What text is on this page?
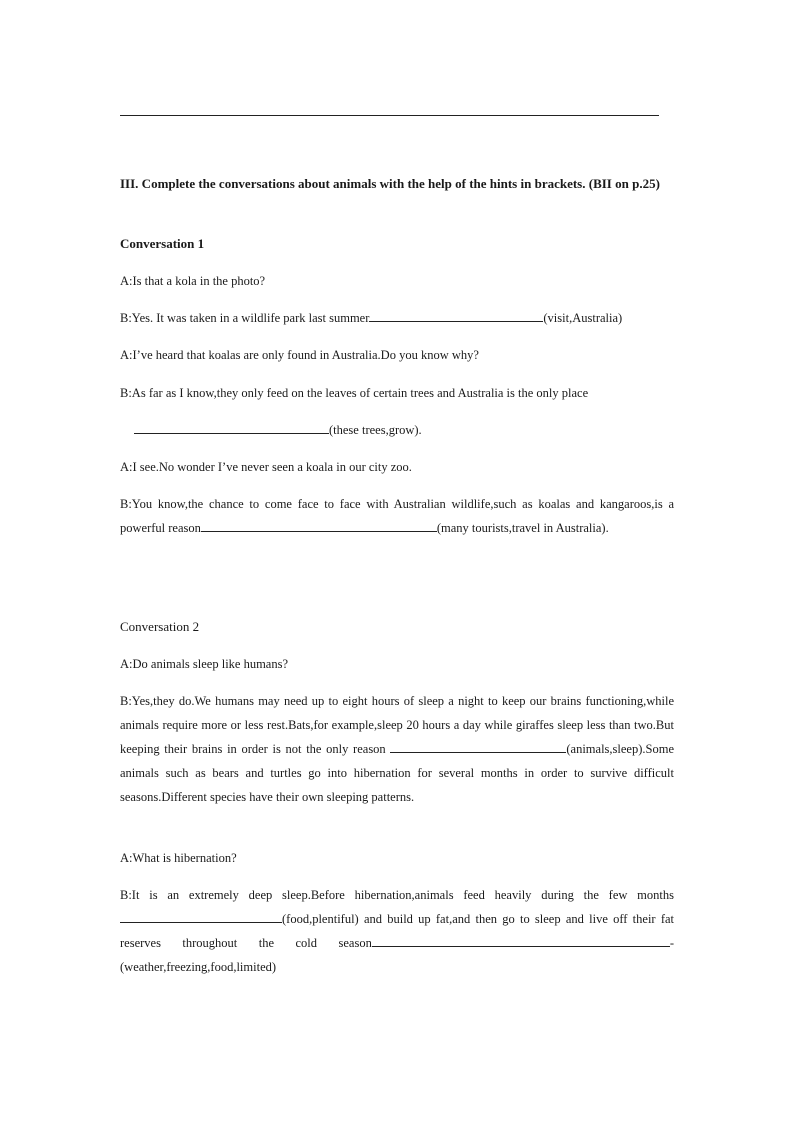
III. Complete the conversations about animals with the help of the hints in brackets. (BII on p.25)
Conversation 1
A:Is that a kola in the photo?
B:Yes. It was taken in a wildlife park last summer	(visit,Australia)
A:I’ve heard that koalas are only found in Australia.Do you know why?
B:As far as I know,they only feed on the leaves of certain trees and Australia is the only place
(these trees,grow).
A:I see.No wonder I’ve never seen a koala in our city zoo.
B:You know,the chance to come face to face with Australian wildlife,such as koalas and kangaroos,is a powerful reason	(many tourists,travel in Australia).
Conversation 2
A:Do animals sleep like humans?
B:Yes,they do.We humans may need up to eight hours of sleep a night to keep our brains functioning,while animals require more or less rest.Bats,for example,sleep 20 hours a day while giraffes sleep less than two.But keeping their brains in order is not the only reason	(animals,sleep).Some animals such as bears and turtles go into hibernation for several months in order to survive difficult seasons.Different species have their own sleeping patterns.
A:What is hibernation?
B:It is an extremely deep sleep.Before hibernation,animals feed heavily during the few months (food,plentiful) and build up fat,and then go to sleep and live off their fat reserves throughout the cold season	- (weather,freezing,food,limited)
